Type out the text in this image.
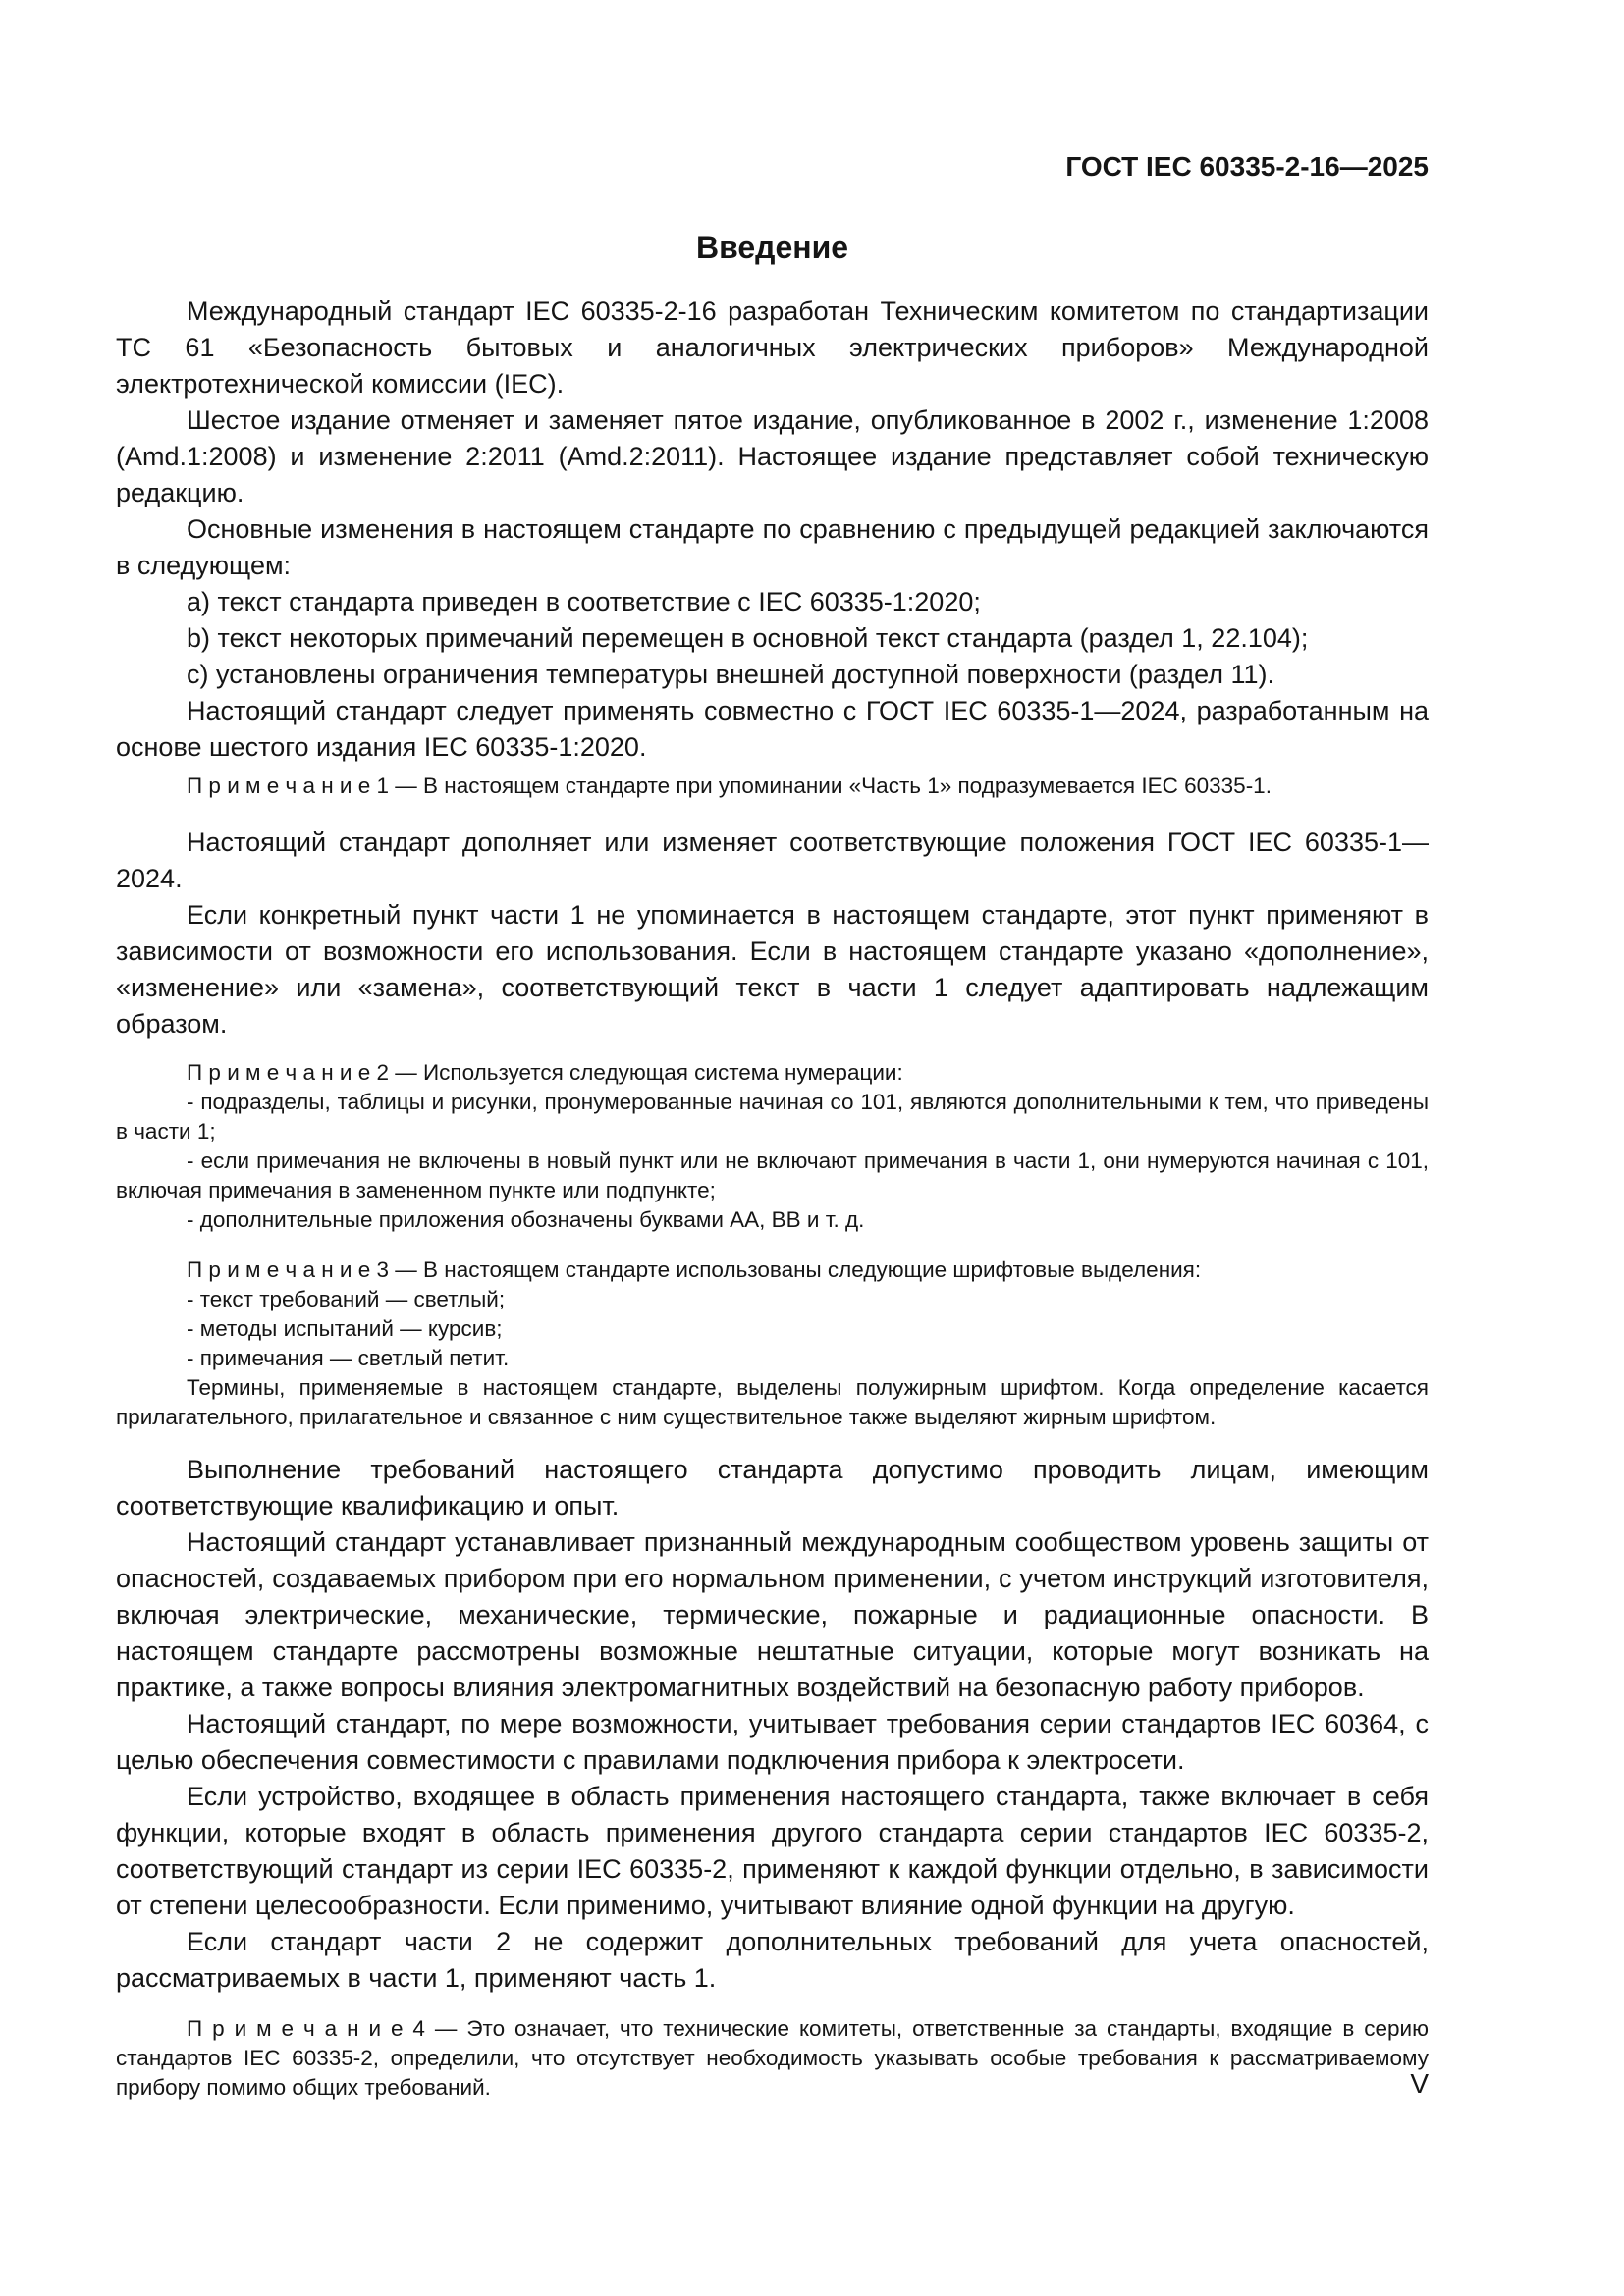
ГОСТ IEC 60335-2-16—2025
Введение

Международный стандарт IEC 60335-2-16 разработан Техническим комитетом по стандартизации ТС 61 «Безопасность бытовых и аналогичных электрических приборов» Международной электротехнической комиссии (IEC).

Шестое издание отменяет и заменяет пятое издание, опубликованное в 2002 г., изменение 1:2008 (Amd.1:2008) и изменение 2:2011 (Amd.2:2011). Настоящее издание представляет собой техническую редакцию.

Основные изменения в настоящем стандарте по сравнению с предыдущей редакцией заключаются в следующем:

a) текст стандарта приведен в соответствие с IEC 60335-1:2020;

b) текст некоторых примечаний перемещен в основной текст стандарта (раздел 1, 22.104);

c) установлены ограничения температуры внешней доступной поверхности (раздел 11).

Настоящий стандарт следует применять совместно с ГОСТ IEC 60335-1—2024, разработанным на основе шестого издания IEC 60335-1:2020.

П р и м е ч а н и е 1 — В настоящем стандарте при упоминании «Часть 1» подразумевается IEC 60335-1.

Настоящий стандарт дополняет или изменяет соответствующие положения ГОСТ IEC 60335-1—2024.

Если конкретный пункт части 1 не упоминается в настоящем стандарте, этот пункт применяют в зависимости от возможности его использования. Если в настоящем стандарте указано «дополнение», «изменение» или «замена», соответствующий текст в части 1 следует адаптировать надлежащим образом.

П р и м е ч а н и е 2 — Используется следующая система нумерации:

- подразделы, таблицы и рисунки, пронумерованные начиная со 101, являются дополнительными к тем, что приведены в части 1;

- если примечания не включены в новый пункт или не включают примечания в части 1, они нумеруются начиная с 101, включая примечания в замененном пункте или подпункте;

- дополнительные приложения обозначены буквами AA, BB и т. д.

П р и м е ч а н и е 3 — В настоящем стандарте использованы следующие шрифтовые выделения:

- текст требований — светлый;

- методы испытаний — курсив;

- примечания — светлый петит.

Термины, применяемые в настоящем стандарте, выделены полужирным шрифтом. Когда определение касается прилагательного, прилагательное и связанное с ним существительное также выделяют жирным шрифтом.

Выполнение требований настоящего стандарта допустимо проводить лицам, имеющим соответствующие квалификацию и опыт.

Настоящий стандарт устанавливает признанный международным сообществом уровень защиты от опасностей, создаваемых прибором при его нормальном применении, с учетом инструкций изготовителя, включая электрические, механические, термические, пожарные и радиационные опасности. В настоящем стандарте рассмотрены возможные нештатные ситуации, которые могут возникать на практике, а также вопросы влияния электромагнитных воздействий на безопасную работу приборов.

Настоящий стандарт, по мере возможности, учитывает требования серии стандартов IEC 60364, с целью обеспечения совместимости с правилами подключения прибора к электросети.

Если устройство, входящее в область применения настоящего стандарта, также включает в себя функции, которые входят в область применения другого стандарта серии стандартов IEC 60335-2, соответствующий стандарт из серии IEC 60335-2, применяют к каждой функции отдельно, в зависимости от степени целесообразности. Если применимо, учитывают влияние одной функции на другую.

Если стандарт части 2 не содержит дополнительных требований для учета опасностей, рассматриваемых в части 1, применяют часть 1.

П р и м е ч а н и е 4 — Это означает, что технические комитеты, ответственные за стандарты, входящие в серию стандартов IEC 60335-2, определили, что отсутствует необходимость указывать особые требования к рассматриваемому прибору помимо общих требований.	V
